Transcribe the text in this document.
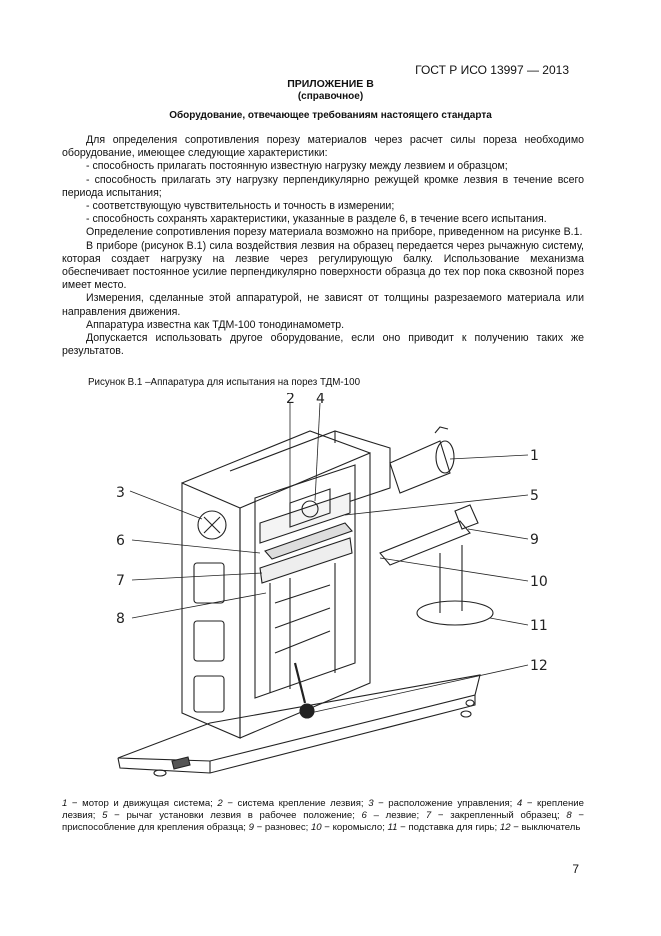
ГОСТ Р ИСО 13997 — 2013
ПРИЛОЖЕНИЕ В
(справочное)
Оборудование, отвечающее требованиям настоящего стандарта

Для определения сопротивления порезу материалов через расчет силы пореза необходимо оборудование, имеющее следующие характеристики:

- способность прилагать постоянную известную нагрузку между лезвием и образцом;

- способность прилагать эту нагрузку перпендикулярно режущей кромке лезвия в течение всего периода испытания;

- соответствующую чувствительность и точность в измерении;

- способность сохранять характеристики, указанные в разделе 6, в течение всего испытания.

Определение сопротивления порезу материала возможно на приборе, приведенном на рисунке В.1.

В приборе (рисунок В.1) сила воздействия лезвия на образец передается через рычажную систему, которая создает нагрузку на лезвие через регулирующую балку. Использование механизма обеспечивает постоянное усилие перпендикулярно поверхности образца до тех пор пока сквозной порез имеет место.

Измерения, сделанные этой аппаратурой, не зависят от толщины разрезаемого материала или направления движения.

Аппаратура известна как ТДМ-100 тонодинамометр.

Допускается использовать другое оборудование, если оно приводит к получению таких же результатов.

Рисунок В.1 –Аппаратура для испытания на порез ТДМ-100
2 4
1
3	5
6	9
7	10
8	11
12
1 − мотор и движущая система; 2 − система крепление лезвия; 3 − расположение управления; 4 − крепление лезвия; 5 − рычаг установки лезвия в рабочее положение; 6 – лезвие; 7 − закрепленный образец; 8 − приспособление для крепления образца; 9 − разновес; 10 − коромысло; 11 − подставка для гирь; 12 − выключатель
7
